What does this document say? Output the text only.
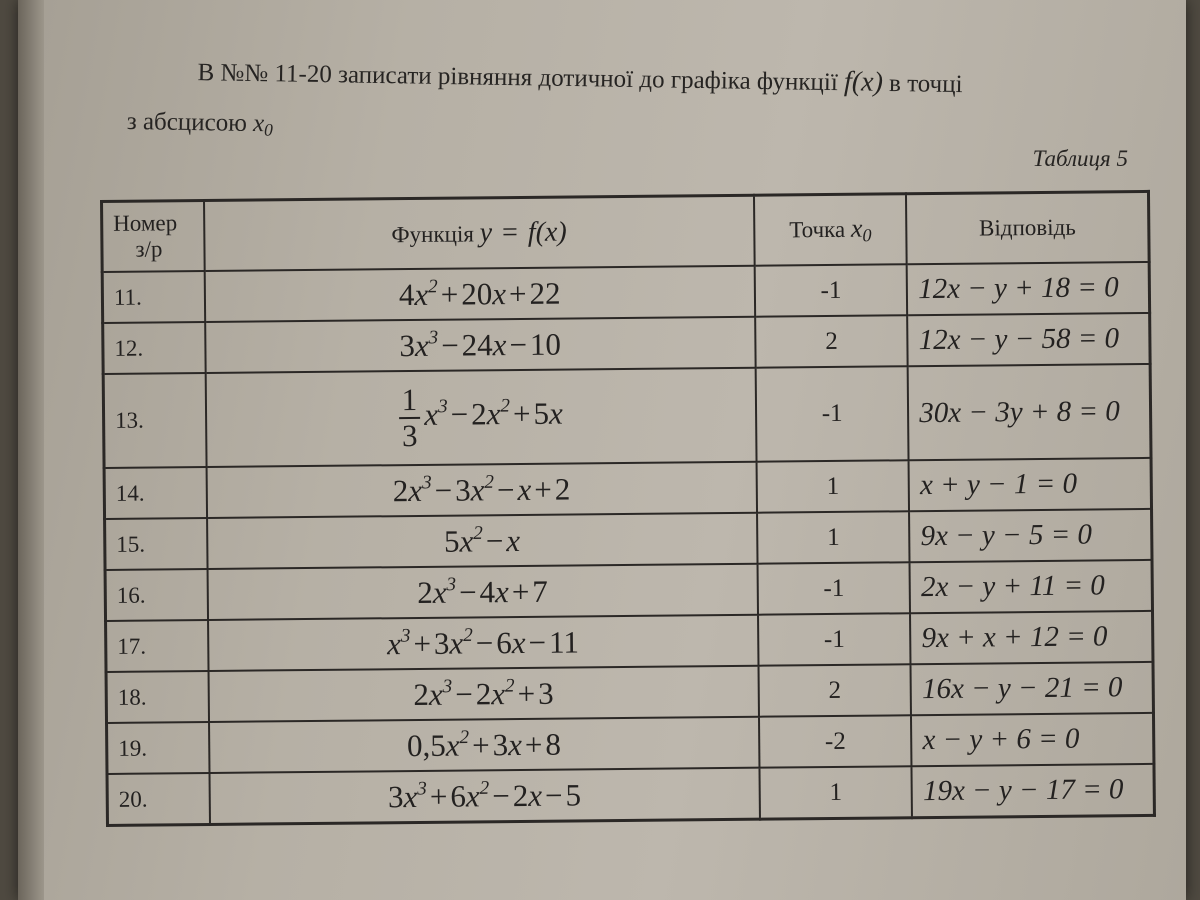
В №№ 11-20 записати рівняння дотичної до графіка функції f(x) в точці
з абсцисою $x_0$
Таблиця 5
Номер
з/р	Функція y = f(x)	Точка $x_0$	Відповідь
11.	$4x^2+20x+22$	-1	12x − y + 18 = 0
12.	$3x^3-24x-10$	2	12x − y − 58 = 0
13.	$\frac{1}{3} x^3-2x^2+5x$	-1	30x − 3y + 8 = 0
14.	$2x^3-3x^2-x+2$	1	x + y − 1 = 0
15.	$5x^2-x$	1	9x − y − 5 = 0
16.	$2x^3-4x+7$	-1	2x − y + 11 = 0
17.	$x^3+3x^2-6x-11$	-1	9x + x + 12 = 0
18.	$2x^3-2x^2+3$	2	16x − y − 21 = 0
19.	$0,5x^2+3x+8$	-2	x − y + 6 = 0
20.	$3x^3+6x^2-2x-5$	1	19x − y − 17 = 0
